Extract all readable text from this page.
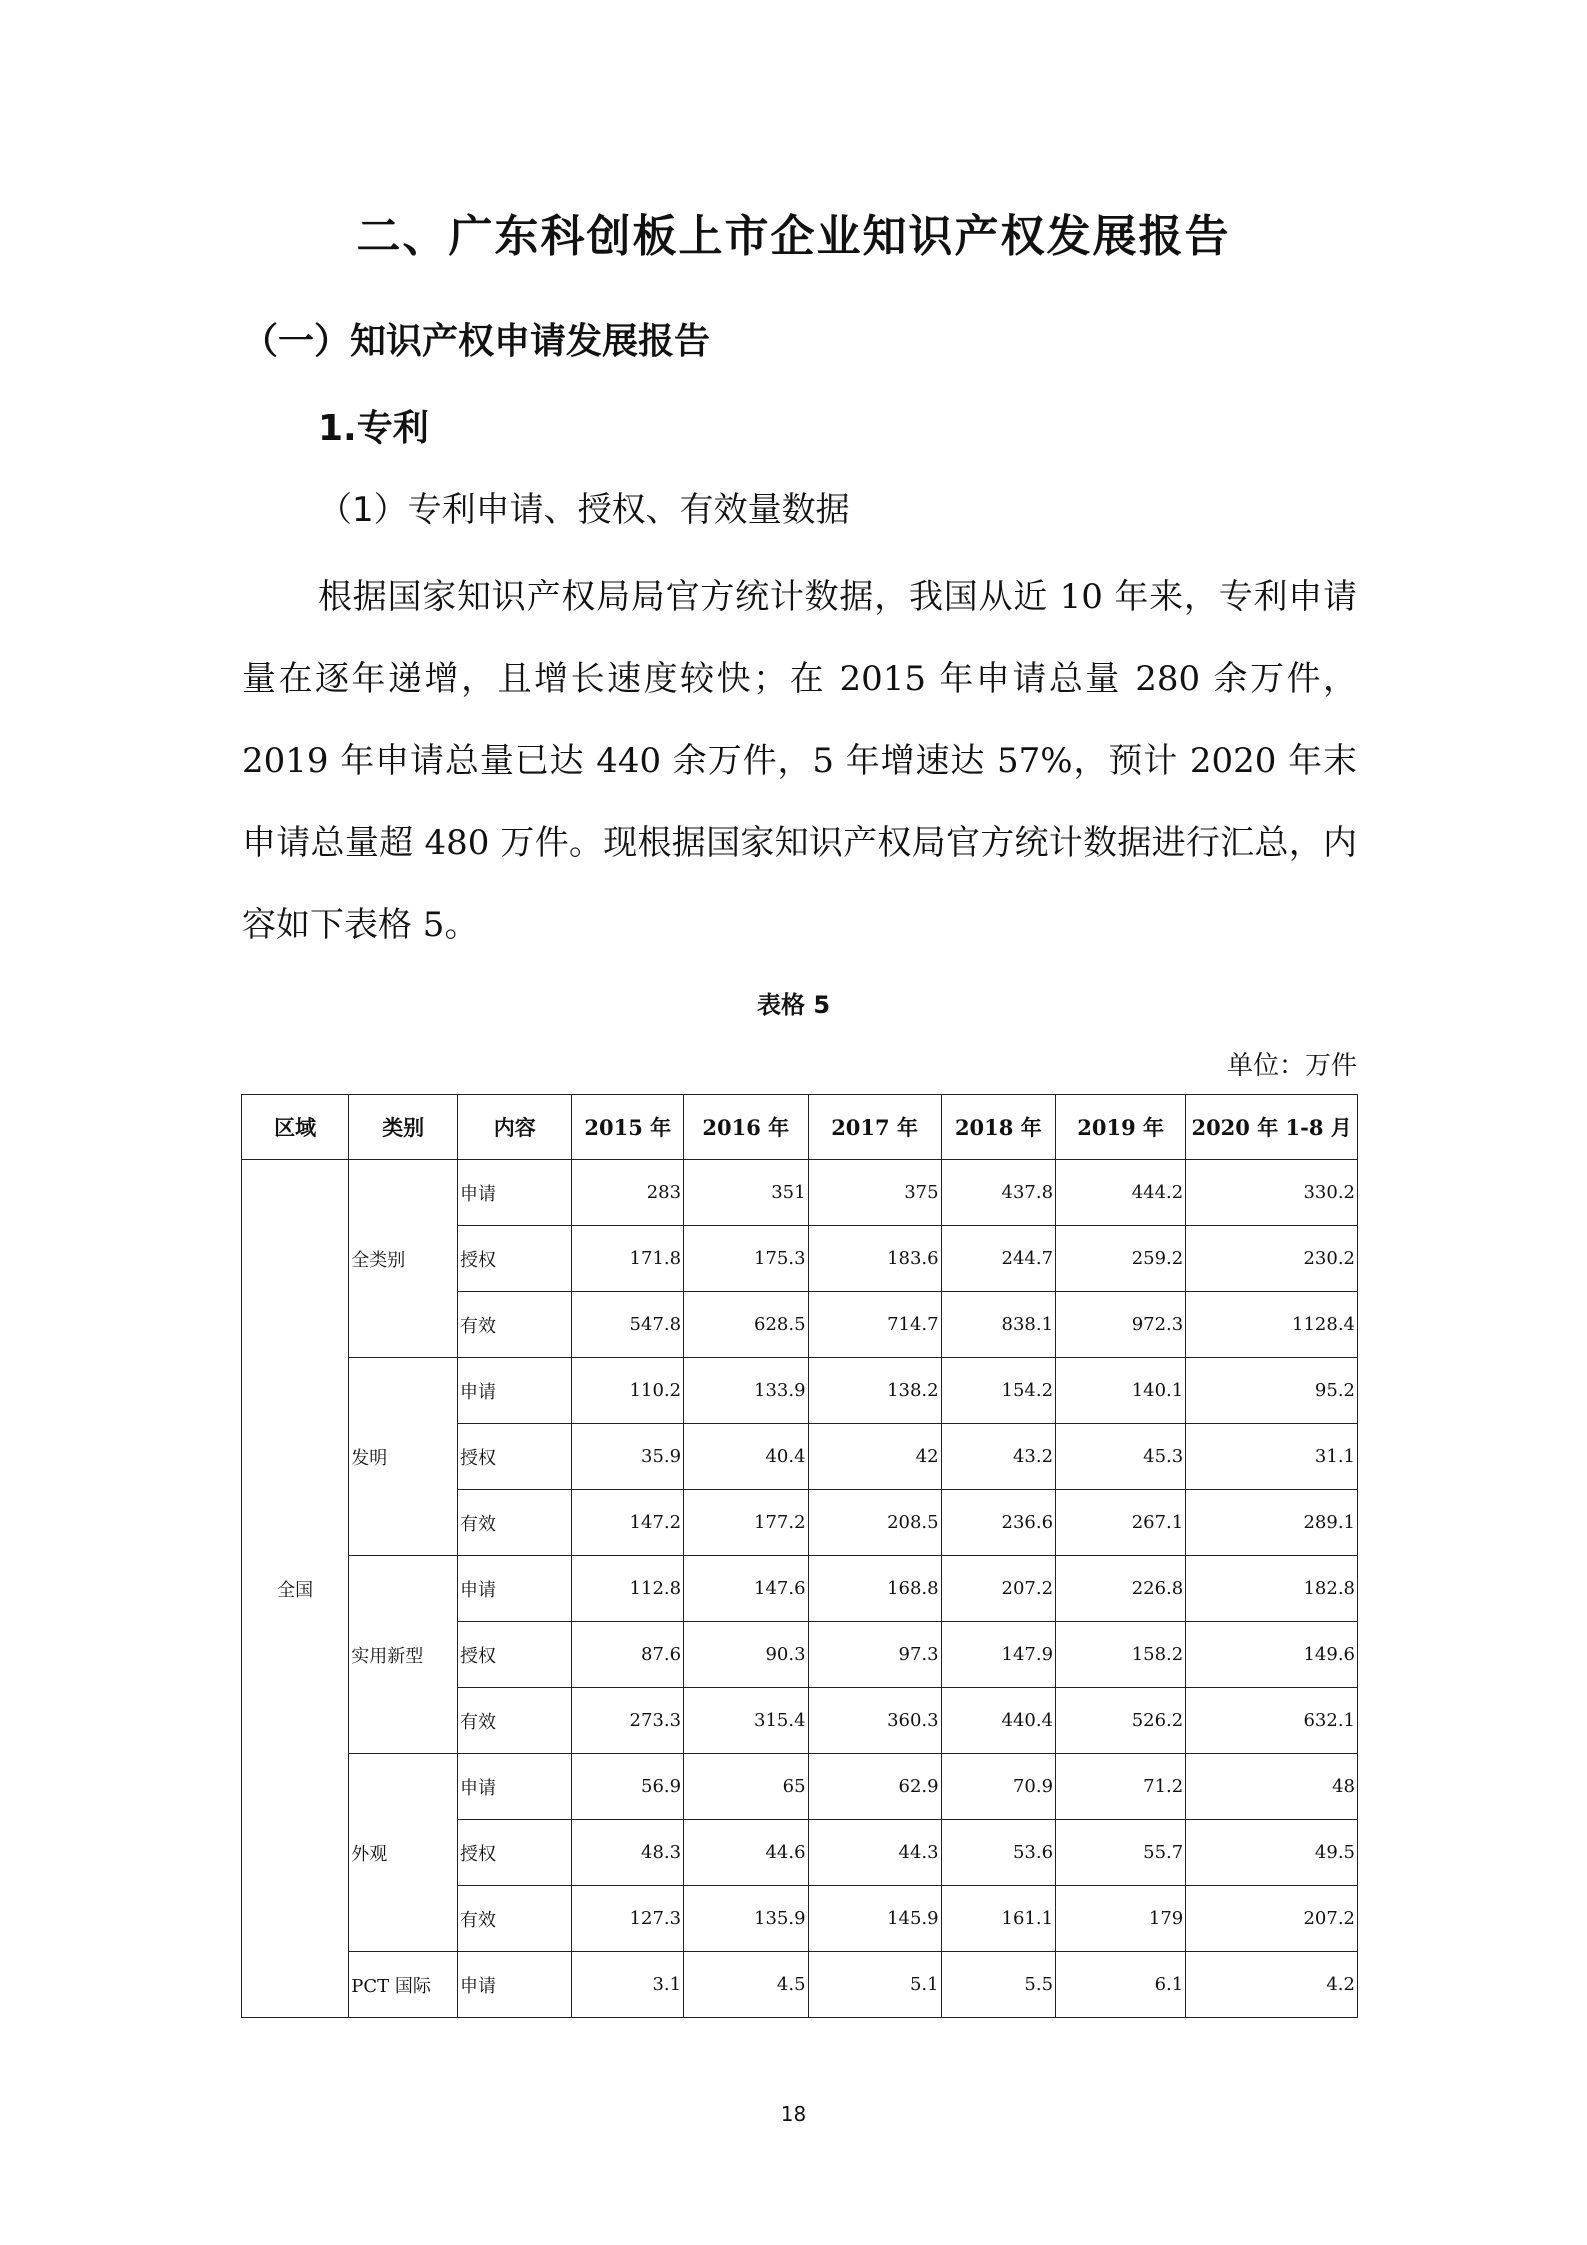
二、广东科创板上市企业知识产权发展报告
（一）知识产权申请发展报告
1.专利
（1）专利申请、授权、有效量数据
根据国家知识产权局局官方统计数据，我国从近 10 年来，专利申请量在逐年递增，且增长速度较快；在 2015 年申请总量 280 余万件，2019 年申请总量已达 440 余万件，5 年增速达 57%，预计 2020 年末申请总量超 480 万件。现根据国家知识产权局官方统计数据进行汇总，内容如下表格 5。
表格 5
单位：万件
区域	类别	内容	2015 年	2016 年	2017 年	2018 年	2019 年	2020 年 1-8 月
全国	全类别	申请	283	351	375	437.8	444.2	330.2
		授权	171.8	175.3	183.6	244.7	259.2	230.2
		有效	547.8	628.5	714.7	838.1	972.3	1128.4
	发明	申请	110.2	133.9	138.2	154.2	140.1	95.2
		授权	35.9	40.4	42	43.2	45.3	31.1
		有效	147.2	177.2	208.5	236.6	267.1	289.1
	实用新型	申请	112.8	147.6	168.8	207.2	226.8	182.8
		授权	87.6	90.3	97.3	147.9	158.2	149.6
		有效	273.3	315.4	360.3	440.4	526.2	632.1
	外观	申请	56.9	65	62.9	70.9	71.2	48
		授权	48.3	44.6	44.3	53.6	55.7	49.5
		有效	127.3	135.9	145.9	161.1	179	207.2
	PCT 国际	申请	3.1	4.5	5.1	5.5	6.1	4.2
18
